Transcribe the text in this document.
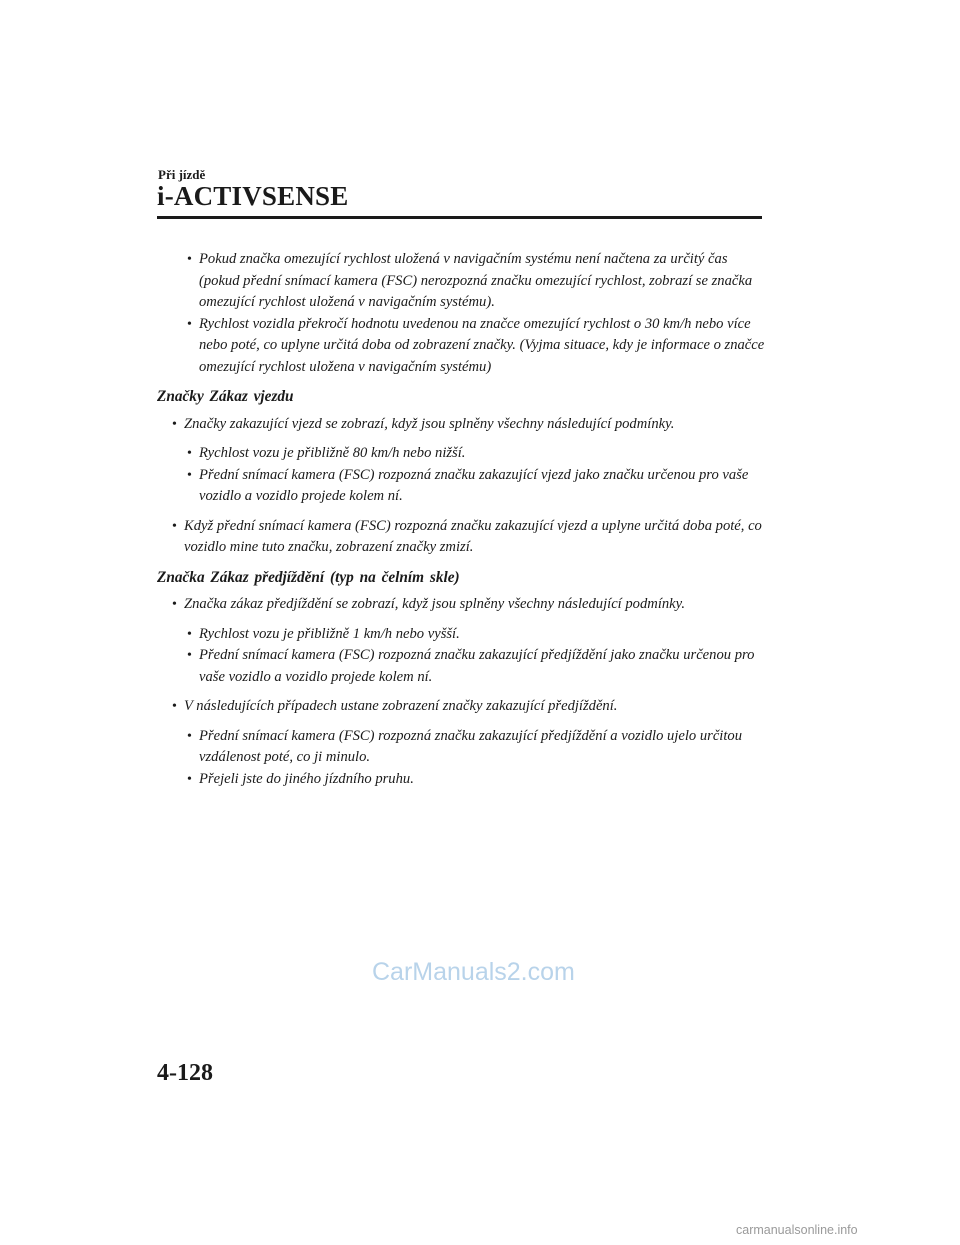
Při jízdě
i-ACTIVSENSE
• Pokud značka omezující rychlost uložená v navigačním systému není načtena za určitý čas (pokud přední snímací kamera (FSC) nerozpozná značku omezující rychlost, zobrazí se značka omezující rychlost uložená v navigačním systému).
• Rychlost vozidla překročí hodnotu uvedenou na značce omezující rychlost o 30 km/h nebo více nebo poté, co uplyne určitá doba od zobrazení značky. (Vyjma situace, kdy je informace o značce omezující rychlost uložena v navigačním systému)
Značky Zákaz vjezdu
• Značky zakazující vjezd se zobrazí, když jsou splněny všechny následující podmínky.
• Rychlost vozu je přibližně 80 km/h nebo nižší.
• Přední snímací kamera (FSC) rozpozná značku zakazující vjezd jako značku určenou pro vaše vozidlo a vozidlo projede kolem ní.
• Když přední snímací kamera (FSC) rozpozná značku zakazující vjezd a uplyne určitá doba poté, co vozidlo mine tuto značku, zobrazení značky zmizí.
Značka Zákaz předjíždění (typ na čelním skle)
• Značka zákaz předjíždění se zobrazí, když jsou splněny všechny následující podmínky.
• Rychlost vozu je přibližně 1 km/h nebo vyšší.
• Přední snímací kamera (FSC) rozpozná značku zakazující předjíždění jako značku určenou pro vaše vozidlo a vozidlo projede kolem ní.
• V následujících případech ustane zobrazení značky zakazující předjíždění.
• Přední snímací kamera (FSC) rozpozná značku zakazující předjíždění a vozidlo ujelo určitou vzdálenost poté, co ji minulo.
• Přejeli jste do jiného jízdního pruhu.
CarManuals2.com
4-128
carmanualsonline.info
